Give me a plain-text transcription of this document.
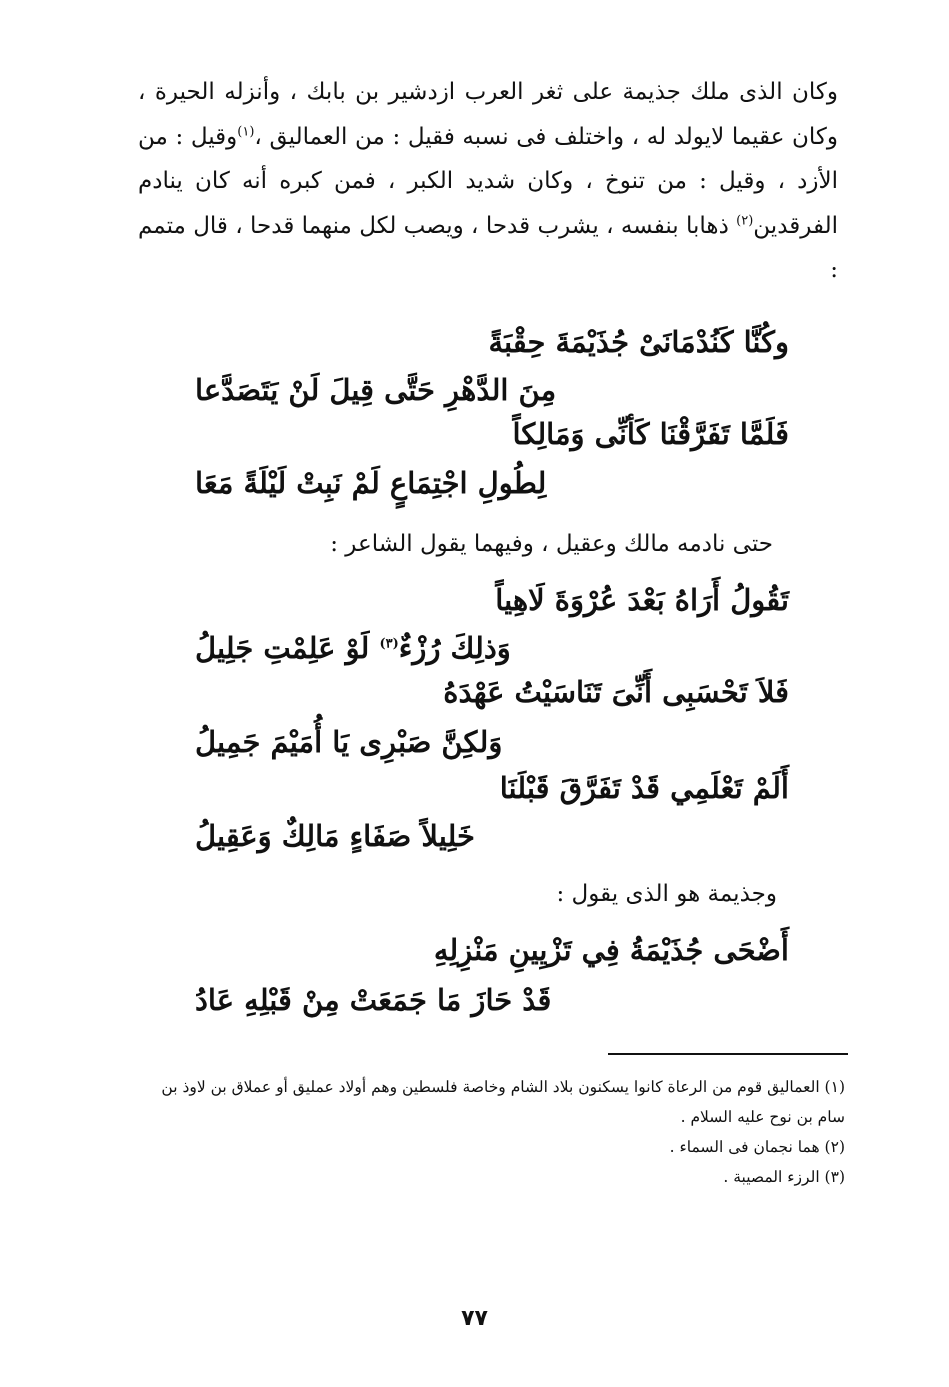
وكان الذى ملك جذيمة على ثغر العرب ازدشير بن بابك ، وأنزله الحيرة ، وكان عقيما لايولد له ، واختلف فى نسبه فقيل : من العماليق ،$^{(١)}$وقيل : من الأزد ، وقيل : من تنوخ ، وكان شديد الكبر ، فمن كبره أنه كان ينادم الفرقدين$^{(٢)}$ ذهابا بنفسه ، يشرب قدحا ، ويصب لكل منهما قدحا ، قال متمم :

وكُنَّا كَنُدْمَانَىْ جُذَيْمَةَ حِقْبَةً
مِنَ الدَّهْرِ حَتَّى قِيلَ لَنْ يَتَصَدَّعا
فَلَمَّا تَفَرَّقْنَا كَأنِّى وَمَالِكاً
لِطُولِ اجْتِمَاعٍ لَمْ نَبِتْ لَيْلَةً مَعَا
حتى نادمه مالك وعقيل ، وفيهما يقول الشاعر :
تَقُولُ أَرَاهُ بَعْدَ عُرْوَةَ لَاهِياً
وَذلِكَ رُزْءٌ$^{(٣)}$ لَوْ عَلِمْتِ جَلِيلُ
فَلاَ تَحْسَبِى أَنِّىَ تَنَاسَيْتُ عَهْدَهُ
وَلكِنَّ صَبْرِى يَا أُمَيْمَ جَمِيلُ
أَلَمْ تَعْلَمِي قَدْ تَفَرَّقَ قَبْلَنَا
خَلِيلاً صَفَاءٍ مَالِكٌ وَعَقِيلُ
وجذيمة هو الذى يقول :
أَضْحَى جُذَيْمَةُ فِي تَزْيِينِ مَنْزِلِهِ
قَدْ حَازَ مَا جَمَعَتْ مِنْ قَبْلِهِ عَادُ

(١) العماليق قوم من الرعاة كانوا يسكنون بلاد الشام وخاصة فلسطين وهم أولاد عمليق أو عملاق بن لاوذ بن سام بن نوح عليه السلام .

(٢) هما نجمان فى السماء .

(٣) الرزء المصيبة .

٧٧
